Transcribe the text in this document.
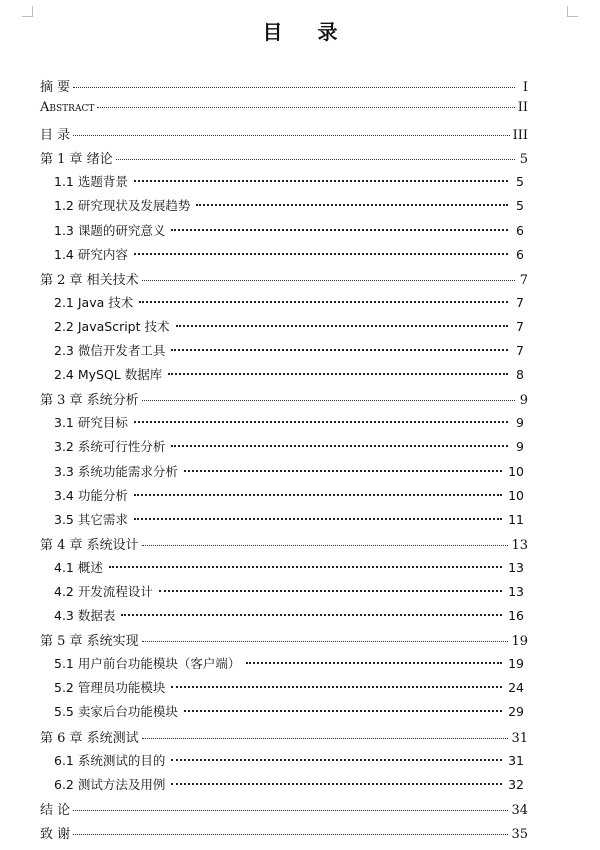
目 录
摘 要	I
Abstract	II
目 录	III
第 1 章 绪论	5
1.1 选题背景	5
1.2 研究现状及发展趋势	5
1.3 课题的研究意义	6
1.4 研究内容	6
第 2 章 相关技术	7
2.1 Java 技术	7
2.2 JavaScript 技术	7
2.3 微信开发者工具	7
2.4 MySQL 数据库	8
第 3 章 系统分析	9
3.1 研究目标	9
3.2 系统可行性分析	9
3.3 系统功能需求分析	10
3.4 功能分析	10
3.5 其它需求	11
第 4 章 系统设计	13
4.1 概述	13
4.2 开发流程设计	13
4.3 数据表	16
第 5 章 系统实现	19
5.1 用户前台功能模块（客户端）	19
5.2 管理员功能模块	24
5.5 卖家后台功能模块	29
第 6 章 系统测试	31
6.1 系统测试的目的	31
6.2 测试方法及用例	32
结 论	34
致 谢	35
